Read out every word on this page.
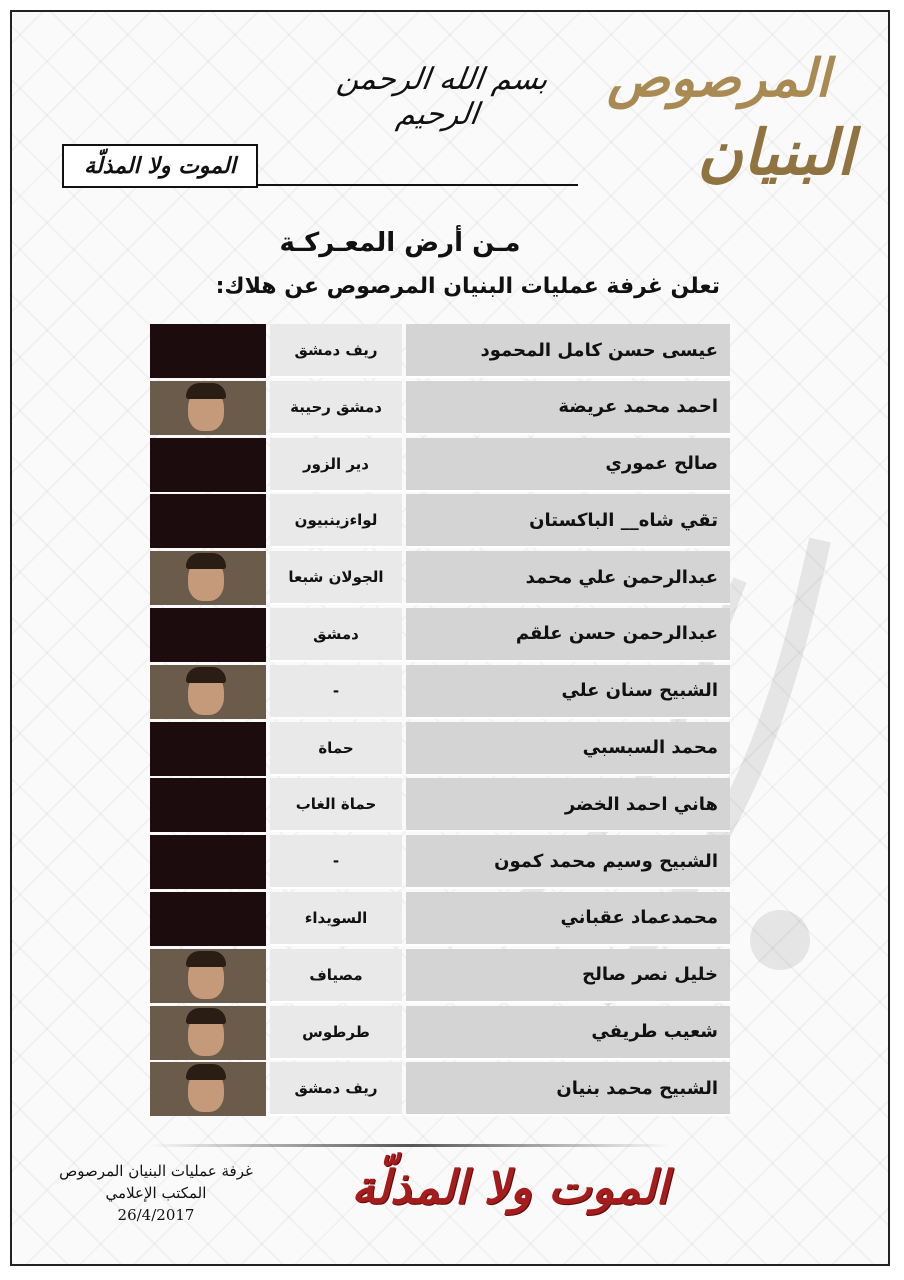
بسم الله الرحمن الرحيم
المرصوص
البنيان
الموت ولا المذلّة
مـن أرض المعـركـة
تعلن غرفة عمليات البنيان المرصوص عن هلاك:
عيسى حسن كامل المحمود
ريف دمشق
احمد محمد عريضة
دمشق رحيبة
صالح عموري
دير الزور
تقي شاه__ الباكستان
لواءزينبيون
عبدالرحمن علي محمد
الجولان شبعا
عبدالرحمن حسن علقم
دمشق
الشبيح سنان علي
-
محمد السبسبي
حماة
هاني احمد الخضر
حماة الغاب
الشبيح وسيم محمد كمون
-
محمدعماد عقباني
السويداء
خليل نصر صالح
مصياف
شعيب طريفي
طرطوس
الشبيح محمد بنيان
ريف دمشق
الموت ولا المذلّة
غرفة عمليات البنيان المرصوص
المكتب الإعلامي
26/4/2017
